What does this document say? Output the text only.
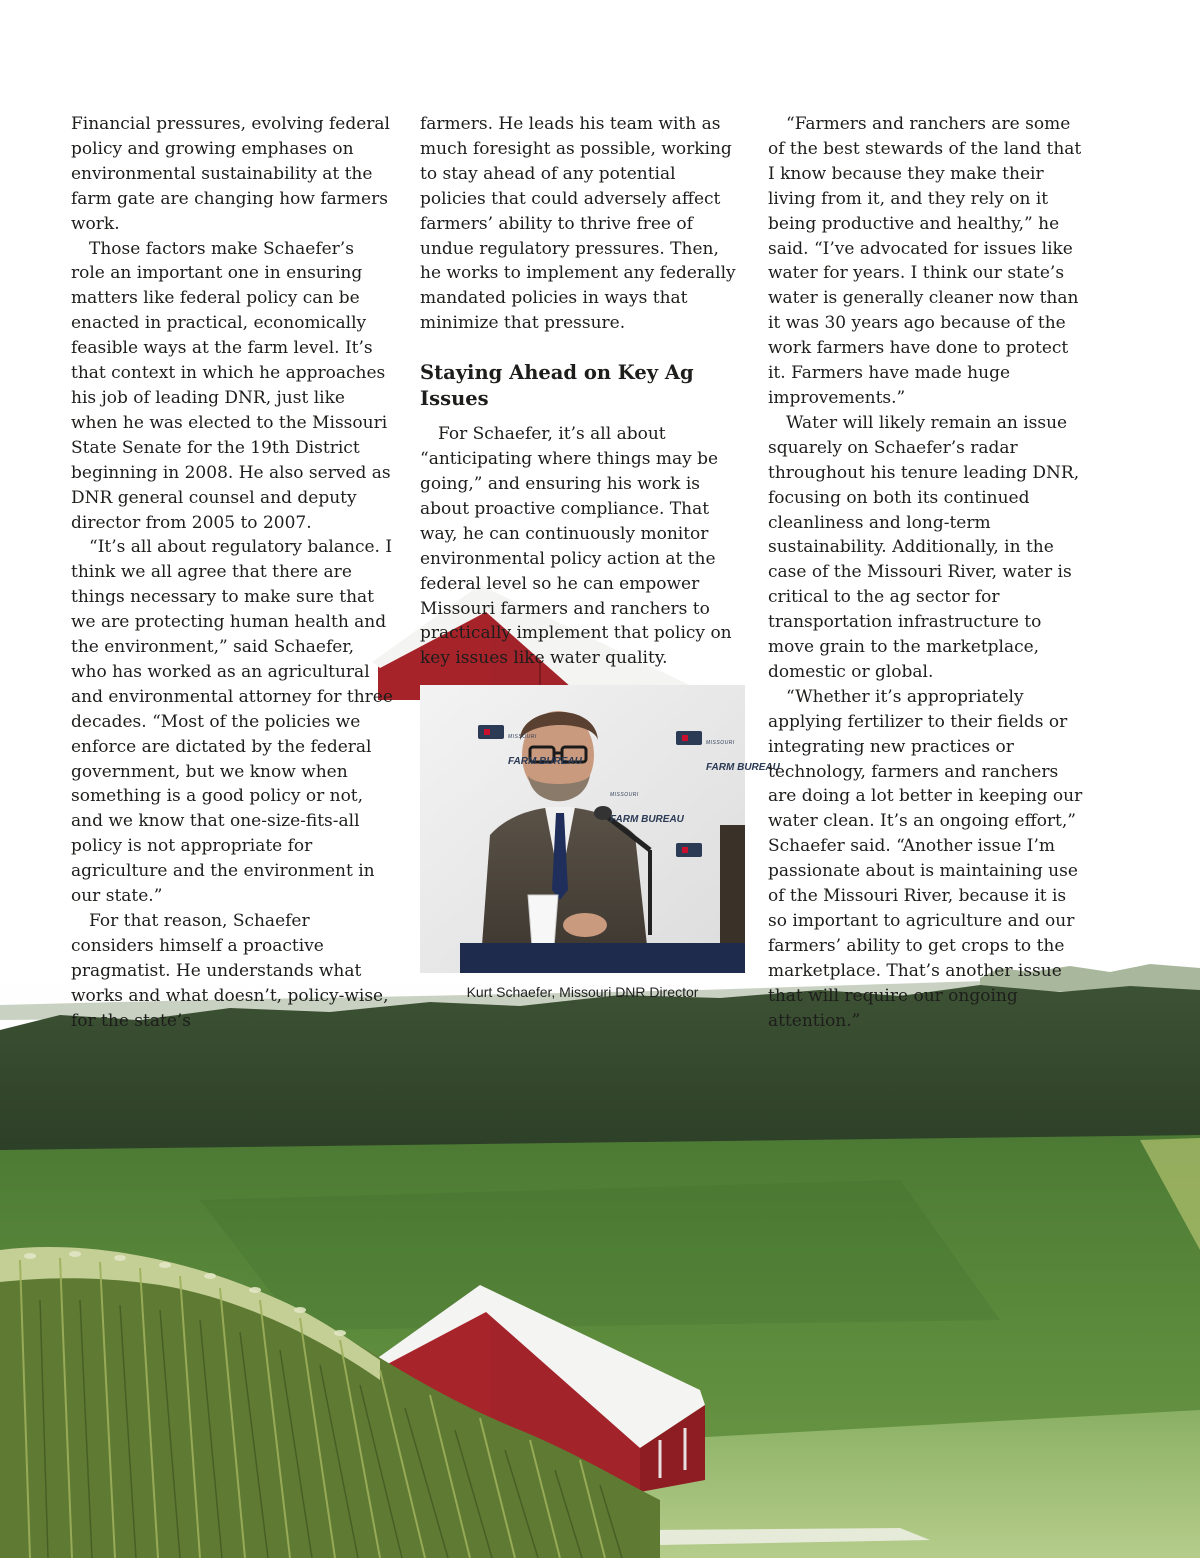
Financial pressures, evolving federal policy and growing emphases on environmental sustainability at the farm gate are changing how farmers work.

Those factors make Schaefer’s role an important one in ensuring matters like federal policy can be enacted in practical, economically feasible ways at the farm level. It’s that context in which he approaches his job of leading DNR, just like when he was elected to the Missouri State Senate for the 19th District beginning in 2008. He also served as DNR general counsel and deputy director from 2005 to 2007.

“It’s all about regulatory balance. I think we all agree that there are things necessary to make sure that we are protecting human health and the environment,” said Schaefer, who has worked as an agricultural and environmental attorney for three decades. “Most of the policies we enforce are dictated by the federal government, but we know when something is a good policy or not, and we know that one-size-fits-all policy is not appropriate for agriculture and the environment in our state.”

For that reason, Schaefer considers himself a proactive pragmatist. He understands what works and what doesn’t, policy-wise, for the state’s

farmers. He leads his team with as much foresight as possible, working to stay ahead of any potential policies that could adversely affect farmers’ ability to thrive free of undue regulatory pressures. Then, he works to implement any federally mandated policies in ways that minimize that pressure.

Staying Ahead on Key Ag Issues

For Schaefer, it’s all about “anticipating where things may be going,” and ensuring his work is about proactive compliance. That way, he can continuously monitor environmental policy action at the federal level so he can empower Missouri farmers and ranchers to practically implement that policy on key issues like water quality.

MISSOURI
FARM BUREAU
MISSOURI
FARM BUREAU
MISSOURI
FARM BUREAU
Kurt Schaefer, Missouri DNR Director

“Farmers and ranchers are some of the best stewards of the land that I know because they make their living from it, and they rely on it being productive and healthy,” he said. “I’ve advocated for issues like water for years. I think our state’s water is generally cleaner now than it was 30 years ago because of the work farmers have done to protect it. Farmers have made huge improvements.”

Water will likely remain an issue squarely on Schaefer’s radar throughout his tenure leading DNR, focusing on both its continued cleanliness and long-term sustainability. Additionally, in the case of the Missouri River, water is critical to the ag sector for transportation infrastructure to move grain to the marketplace, domestic or global.

“Whether it’s appropriately applying fertilizer to their fields or integrating new practices or technology, farmers and ranchers are doing a lot better in keeping our water clean. It’s an ongoing effort,” Schaefer said. “Another issue I’m passionate about is maintaining use of the Missouri River, because it is so important to agriculture and our farmers’ ability to get crops to the marketplace. That’s another issue that will require our ongoing attention.”
